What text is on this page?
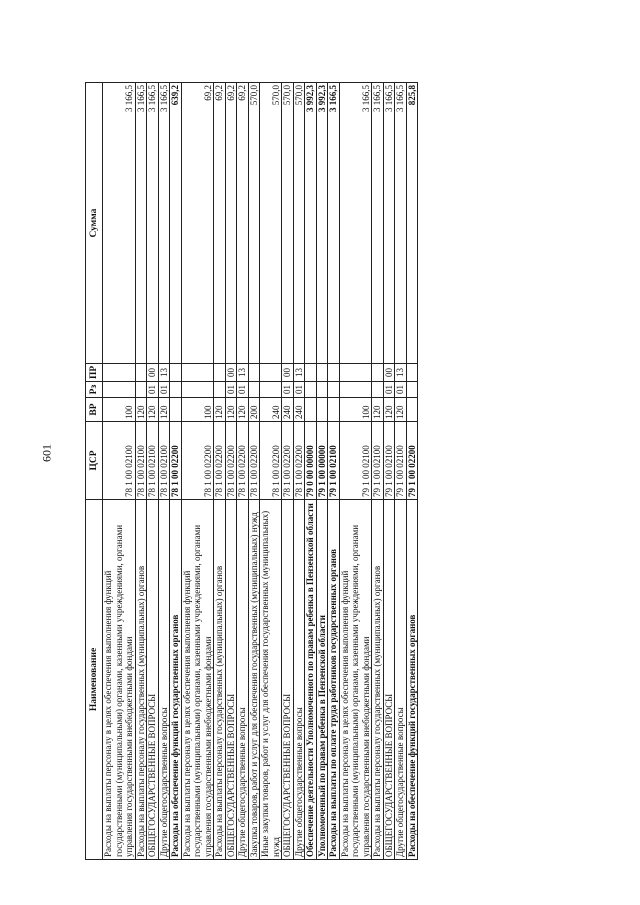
601
Наименование	ЦСР	ВР	Рз	ПР	Сумма
Расходы на выплаты персоналу в целях обеспечения выполнения функций государственными (муниципальными) органами, казенными учреждениями, органами управления государственными внебюджетными фондами	78 1 00 02100	100			3 166,5
Расходы на выплаты персоналу государственных (муниципальных) органов	78 1 00 02100	120			3 166,5
ОБЩЕГОСУДАРСТВЕННЫЕ ВОПРОСЫ	78 1 00 02100	120	01	00	3 166,5
Другие общегосударственные вопросы	78 1 00 02100	120	01	13	3 166,5
Расходы на обеспечение функций государственных органов	78 1 00 02200				639,2
Расходы на выплаты персоналу в целях обеспечения выполнения функций государственными (муниципальными) органами, казенными учреждениями, органами управления государственными внебюджетными фондами	78 1 00 02200	100			69,2
Расходы на выплаты персоналу государственных (муниципальных) органов	78 1 00 02200	120			69,2
ОБЩЕГОСУДАРСТВЕННЫЕ ВОПРОСЫ	78 1 00 02200	120	01	00	69,2
Другие общегосударственные вопросы	78 1 00 02200	120	01	13	69,2
Закупка товаров, работ и услуг для обеспечения государственных (муниципальных) нужд	78 1 00 02200	200			570,0
Иные закупки товаров, работ и услуг для обеспечения государственных (муниципальных) нужд	78 1 00 02200	240			570,0
ОБЩЕГОСУДАРСТВЕННЫЕ ВОПРОСЫ	78 1 00 02200	240	01	00	570,0
Другие общегосударственные вопросы	78 1 00 02200	240	01	13	570,0
Обеспечение деятельности Уполномоченного по правам ребенка в Пензенской области	79 0 00 00000				3 992,3
Уполномоченный по правам ребенка в Пензенской области	79 1 00 00000				3 992,3
Расходы на выплаты по оплате труда работников государственных органов	79 1 00 02100				3 166,5
Расходы на выплаты персоналу в целях обеспечения выполнения функций государственными (муниципальными) органами, казенными учреждениями, органами управления государственными внебюджетными фондами	79 1 00 02100	100			3 166,5
Расходы на выплаты персоналу государственных (муниципальных) органов	79 1 00 02100	120			3 166,5
ОБЩЕГОСУДАРСТВЕННЫЕ ВОПРОСЫ	79 1 00 02100	120	01	00	3 166,5
Другие общегосударственные вопросы	79 1 00 02100	120	01	13	3 166,5
Расходы на обеспечение функций государственных органов	79 1 00 02200				825,8
